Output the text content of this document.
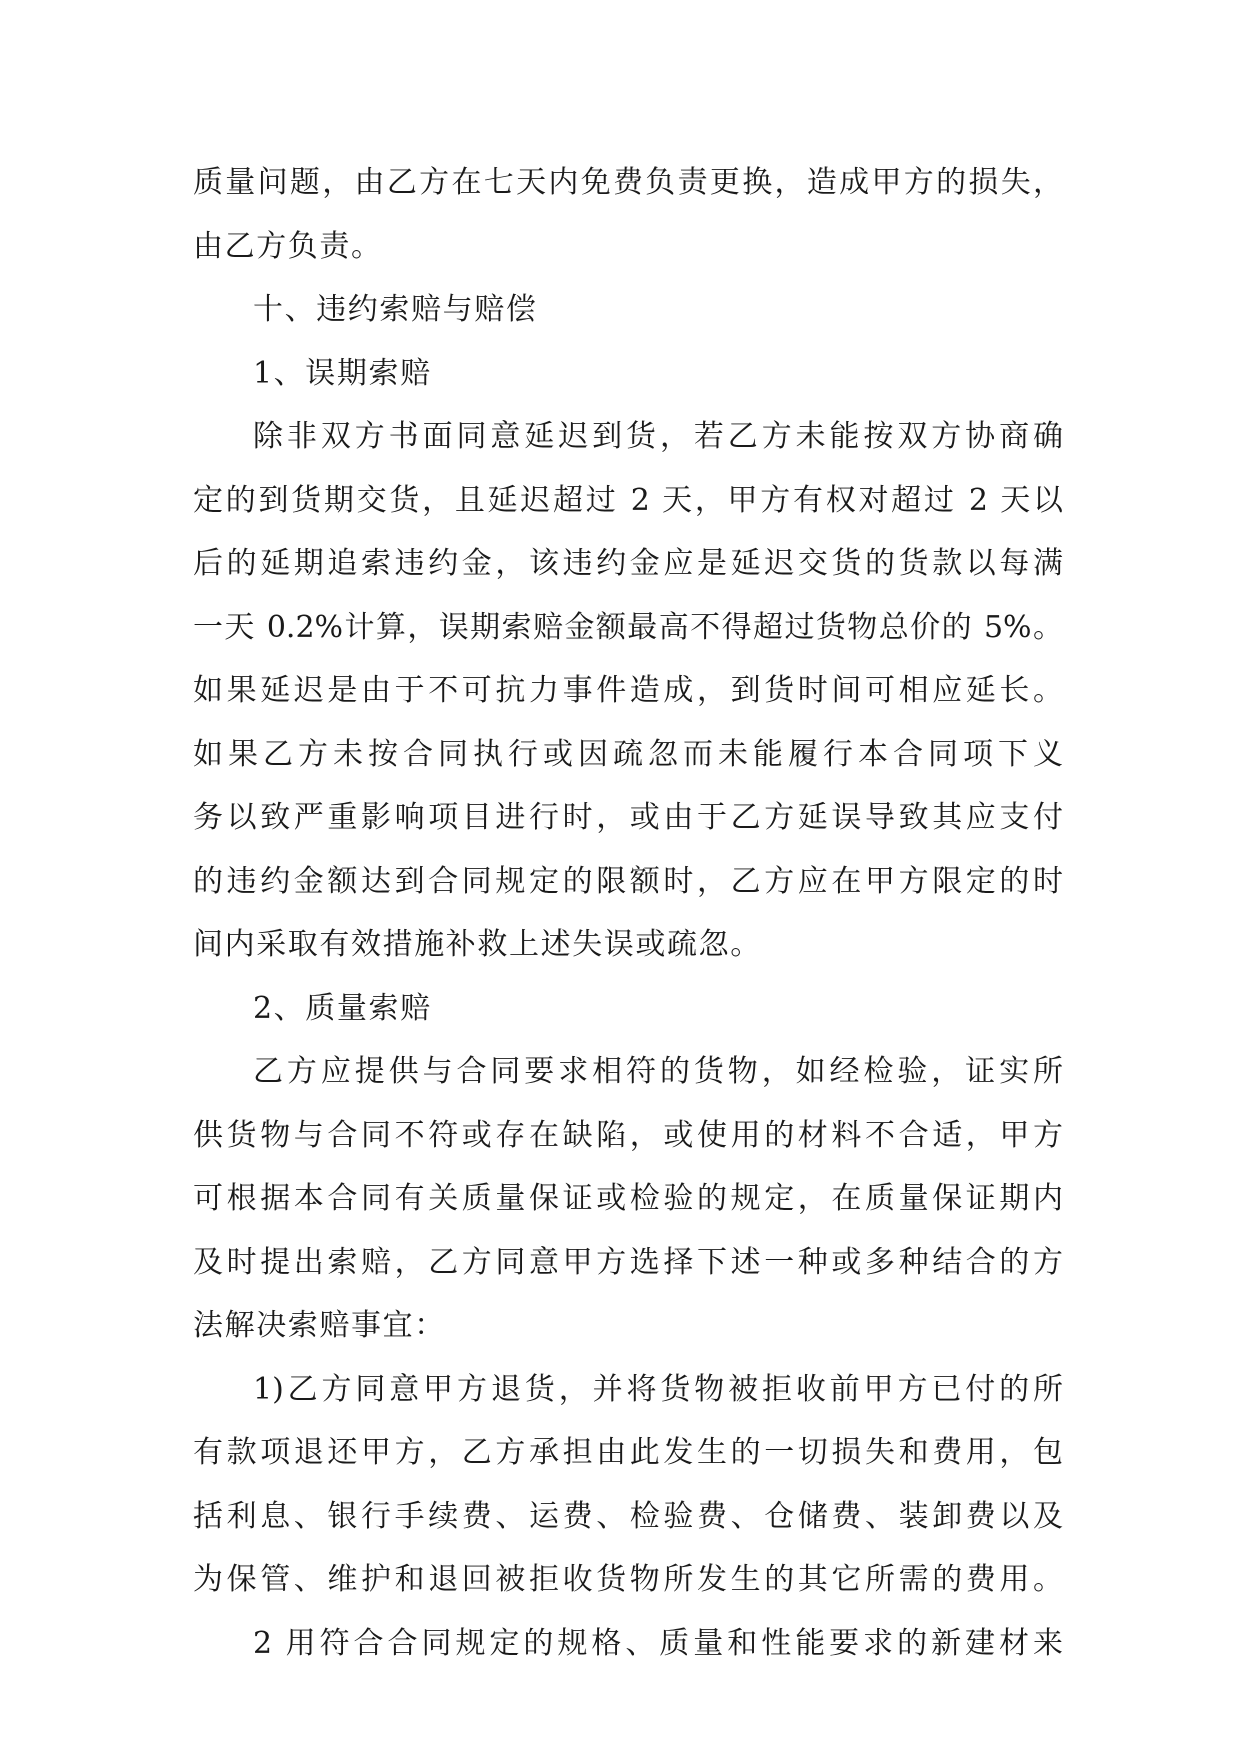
质量问题，由乙方在七天内免费负责更换，造成甲方的损失，
由乙方负责。
十、违约索赔与赔偿
1、误期索赔
除非双方书面同意延迟到货，若乙方未能按双方协商确
定的到货期交货，且延迟超过 2 天，甲方有权对超过 2 天以
后的延期追索违约金，该违约金应是延迟交货的货款以每满
一天 0.2%计算，误期索赔金额最高不得超过货物总价的 5%。
如果延迟是由于不可抗力事件造成，到货时间可相应延长。
如果乙方未按合同执行或因疏忽而未能履行本合同项下义
务以致严重影响项目进行时，或由于乙方延误导致其应支付
的违约金额达到合同规定的限额时，乙方应在甲方限定的时
间内采取有效措施补救上述失误或疏忽。
2、质量索赔
乙方应提供与合同要求相符的货物，如经检验，证实所
供货物与合同不符或存在缺陷，或使用的材料不合适，甲方
可根据本合同有关质量保证或检验的规定，在质量保证期内
及时提出索赔，乙方同意甲方选择下述一种或多种结合的方
法解决索赔事宜：
1)乙方同意甲方退货，并将货物被拒收前甲方已付的所
有款项退还甲方，乙方承担由此发生的一切损失和费用，包
括利息、银行手续费、运费、检验费、仓储费、装卸费以及
为保管、维护和退回被拒收货物所发生的其它所需的费用。
2 用符合合同规定的规格、质量和性能要求的新建材来
